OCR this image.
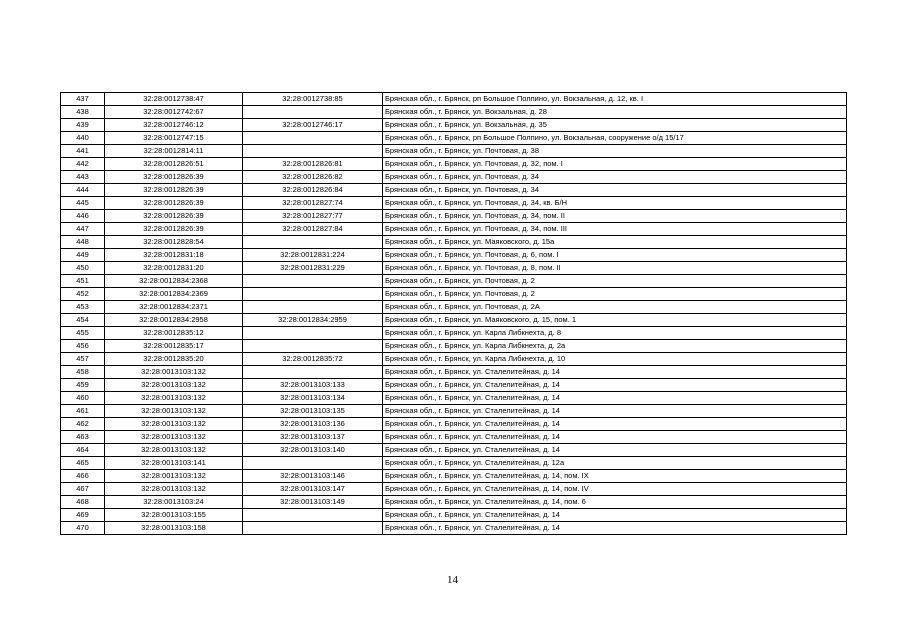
437	32:28:0012738:47	32:28:0012738:85	Брянская обл., г. Брянск, рп Большое Полпино, ул. Вокзальная, д. 12, кв. I
438	32:28:0012742:67		Брянская обл., г. Брянск, ул. Вокзальная, д. 28
439	32:28:0012746:12	32:28:0012746:17	Брянская обл., г. Брянск, ул. Вокзальная, д. 35
440	32:28:0012747:15		Брянская обл., г. Брянск, рп Большое Полпино, ул. Вокзальная, сооружение о/д 15/17
441	32:28:0012814:11		Брянская обл., г. Брянск, ул. Почтовая, д. 38
442	32:28:0012826:51	32:28:0012826:81	Брянская обл., г. Брянск, ул. Почтовая, д. 32, пом. I
443	32:28:0012826:39	32:28:0012826:82	Брянская обл., г. Брянск, ул. Почтовая, д. 34
444	32:28:0012826:39	32:28:0012826:84	Брянская обл., г. Брянск, ул. Почтовая, д. 34
445	32:28:0012826:39	32:28:0012827:74	Брянская обл., г. Брянск, ул. Почтовая, д. 34, кв. Б/Н
446	32:28:0012826:39	32:28:0012827:77	Брянская обл., г. Брянск, ул. Почтовая, д. 34, пом. II
447	32:28:0012826:39	32:28:0012827:84	Брянская обл., г. Брянск, ул. Почтовая, д. 34, пом. III
448	32:28:0012828:54		Брянская обл., г. Брянск, ул. Маяковского, д. 15а
449	32:28:0012831:18	32:28:0012831:224	Брянская обл., г. Брянск, ул. Почтовая, д. 6, пом. I
450	32:28:0012831:20	32:28:0012831:229	Брянская обл., г. Брянск, ул. Почтовая, д. 8, пом. II
451	32:28:0012834:2368		Брянская обл., г. Брянск, ул. Почтовая, д. 2
452	32:28:0012834:2369		Брянская обл., г. Брянск, ул. Почтовая, д. 2
453	32:28:0012834:2371		Брянская обл., г. Брянск, ул. Почтовая, д. 2А
454	32:28:0012834:2958	32:28:0012834:2959	Брянская обл., г. Брянск, ул. Маяковского, д. 15, пом. 1
455	32:28:0012835:12		Брянская обл., г. Брянск, ул. Карла Либкнехта, д. 8
456	32:28:0012835:17		Брянская обл., г. Брянск, ул. Карла Либкнехта, д. 2а
457	32:28:0012835:20	32:28:0012835:72	Брянская обл., г. Брянск, ул. Карла Либкнехта, д. 10
458	32:28:0013103:132		Брянская обл., г. Брянск, ул. Сталелитейная, д. 14
459	32:28:0013103:132	32:28:0013103:133	Брянская обл., г. Брянск, ул. Сталелитейная, д. 14
460	32:28:0013103:132	32:28:0013103:134	Брянская обл., г. Брянск, ул. Сталелитейная, д. 14
461	32:28:0013103:132	32:28:0013103:135	Брянская обл., г. Брянск, ул. Сталелитейная, д. 14
462	32:28:0013103:132	32:28:0013103:136	Брянская обл., г. Брянск, ул. Сталелитейная, д. 14
463	32:28:0013103:132	32:28:0013103:137	Брянская обл., г. Брянск, ул. Сталелитейная, д. 14
464	32:28:0013103:132	32:28:0013103:140	Брянская обл., г. Брянск, ул. Сталелитейная, д. 14
465	32:28:0013103:141		Брянская обл., г. Брянск, ул. Сталелитейная, д. 12а
466	32:28:0013103:132	32:28:0013103:146	Брянская обл., г. Брянск, ул. Сталелитейная, д. 14, пом. IX
467	32:28:0013103:132	32:28:0013103:147	Брянская обл., г. Брянск, ул. Сталелитейная, д. 14, пом. IV
468	32:28:0013103:24	32:28:0013103:149	Брянская обл., г. Брянск, ул. Сталелитейная, д. 14, пом. 6
469	32:28:0013103:155		Брянская обл., г. Брянск, ул. Сталелитейная, д. 14
470	32:28:0013103:158		Брянская обл., г. Брянск, ул. Сталелитейная, д. 14
14
